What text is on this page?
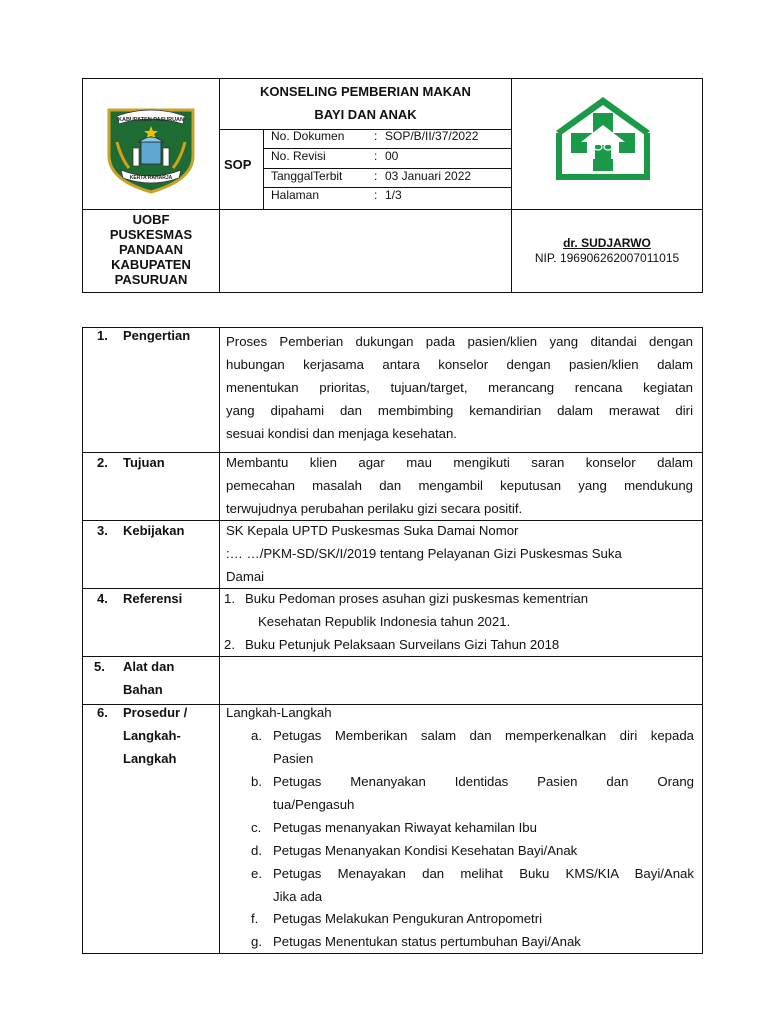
KABUPATEN PASURUAN
KERTA RAHARJA
KONSELING PEMBERIAN MAKAN
BAYI DAN ANAK
SOP
No. Dokumen : SOP/B/II/37/2022
No. Revisi	: 00
TanggalTerbit	: 03 Januari 2022
Halaman	: 1/3
UOBF
PUSKESMAS
PANDAAN
KABUPATEN
PASURUAN
dr. SUDJARWO
NIP. 196906262007011015
1. Pengertian	Proses Pemberian dukungan pada pasien/klien yang ditandai dengan
hubungan kerjasama antara konselor dengan pasien/klien dalam
menentukan prioritas, tujuan/target, merancang rencana kegiatan
yang dipahami dan membimbing kemandirian dalam merawat diri
sesuai kondisi dan menjaga kesehatan.
2. Tujuan	Membantu klien agar mau mengikuti saran konselor dalam
pemecahan masalah dan mengambil keputusan yang mendukung
terwujudnya perubahan perilaku gizi secara positif.
3. Kebijakan	SK Kepala UPTD Puskesmas Suka Damai Nomor
:… …/PKM-SD/SK/I/2019 tentang Pelayanan Gizi Puskesmas Suka
Damai
4. Referensi	1. Buku Pedoman proses asuhan gizi puskesmas kementrian
Kesehatan Republik Indonesia tahun 2021.
2. Buku Petunjuk Pelaksaan Surveilans Gizi Tahun 2018
5. Alat dan
Bahan
6. Prosedur /
Langkah-
Langkah
Langkah-Langkah
a. Petugas Memberikan salam dan memperkenalkan diri kepada
Pasien
b. Petugas Menanyakan Identidas Pasien dan Orang
tua/Pengasuh
c. Petugas menanyakan Riwayat kehamilan Ibu
d. Petugas Menanyakan Kondisi Kesehatan Bayi/Anak
e. Petugas Menayakan dan melihat Buku KMS/KIA Bayi/Anak
Jika ada
f. Petugas Melakukan Pengukuran Antropometri
g. Petugas Menentukan status pertumbuhan Bayi/Anak
